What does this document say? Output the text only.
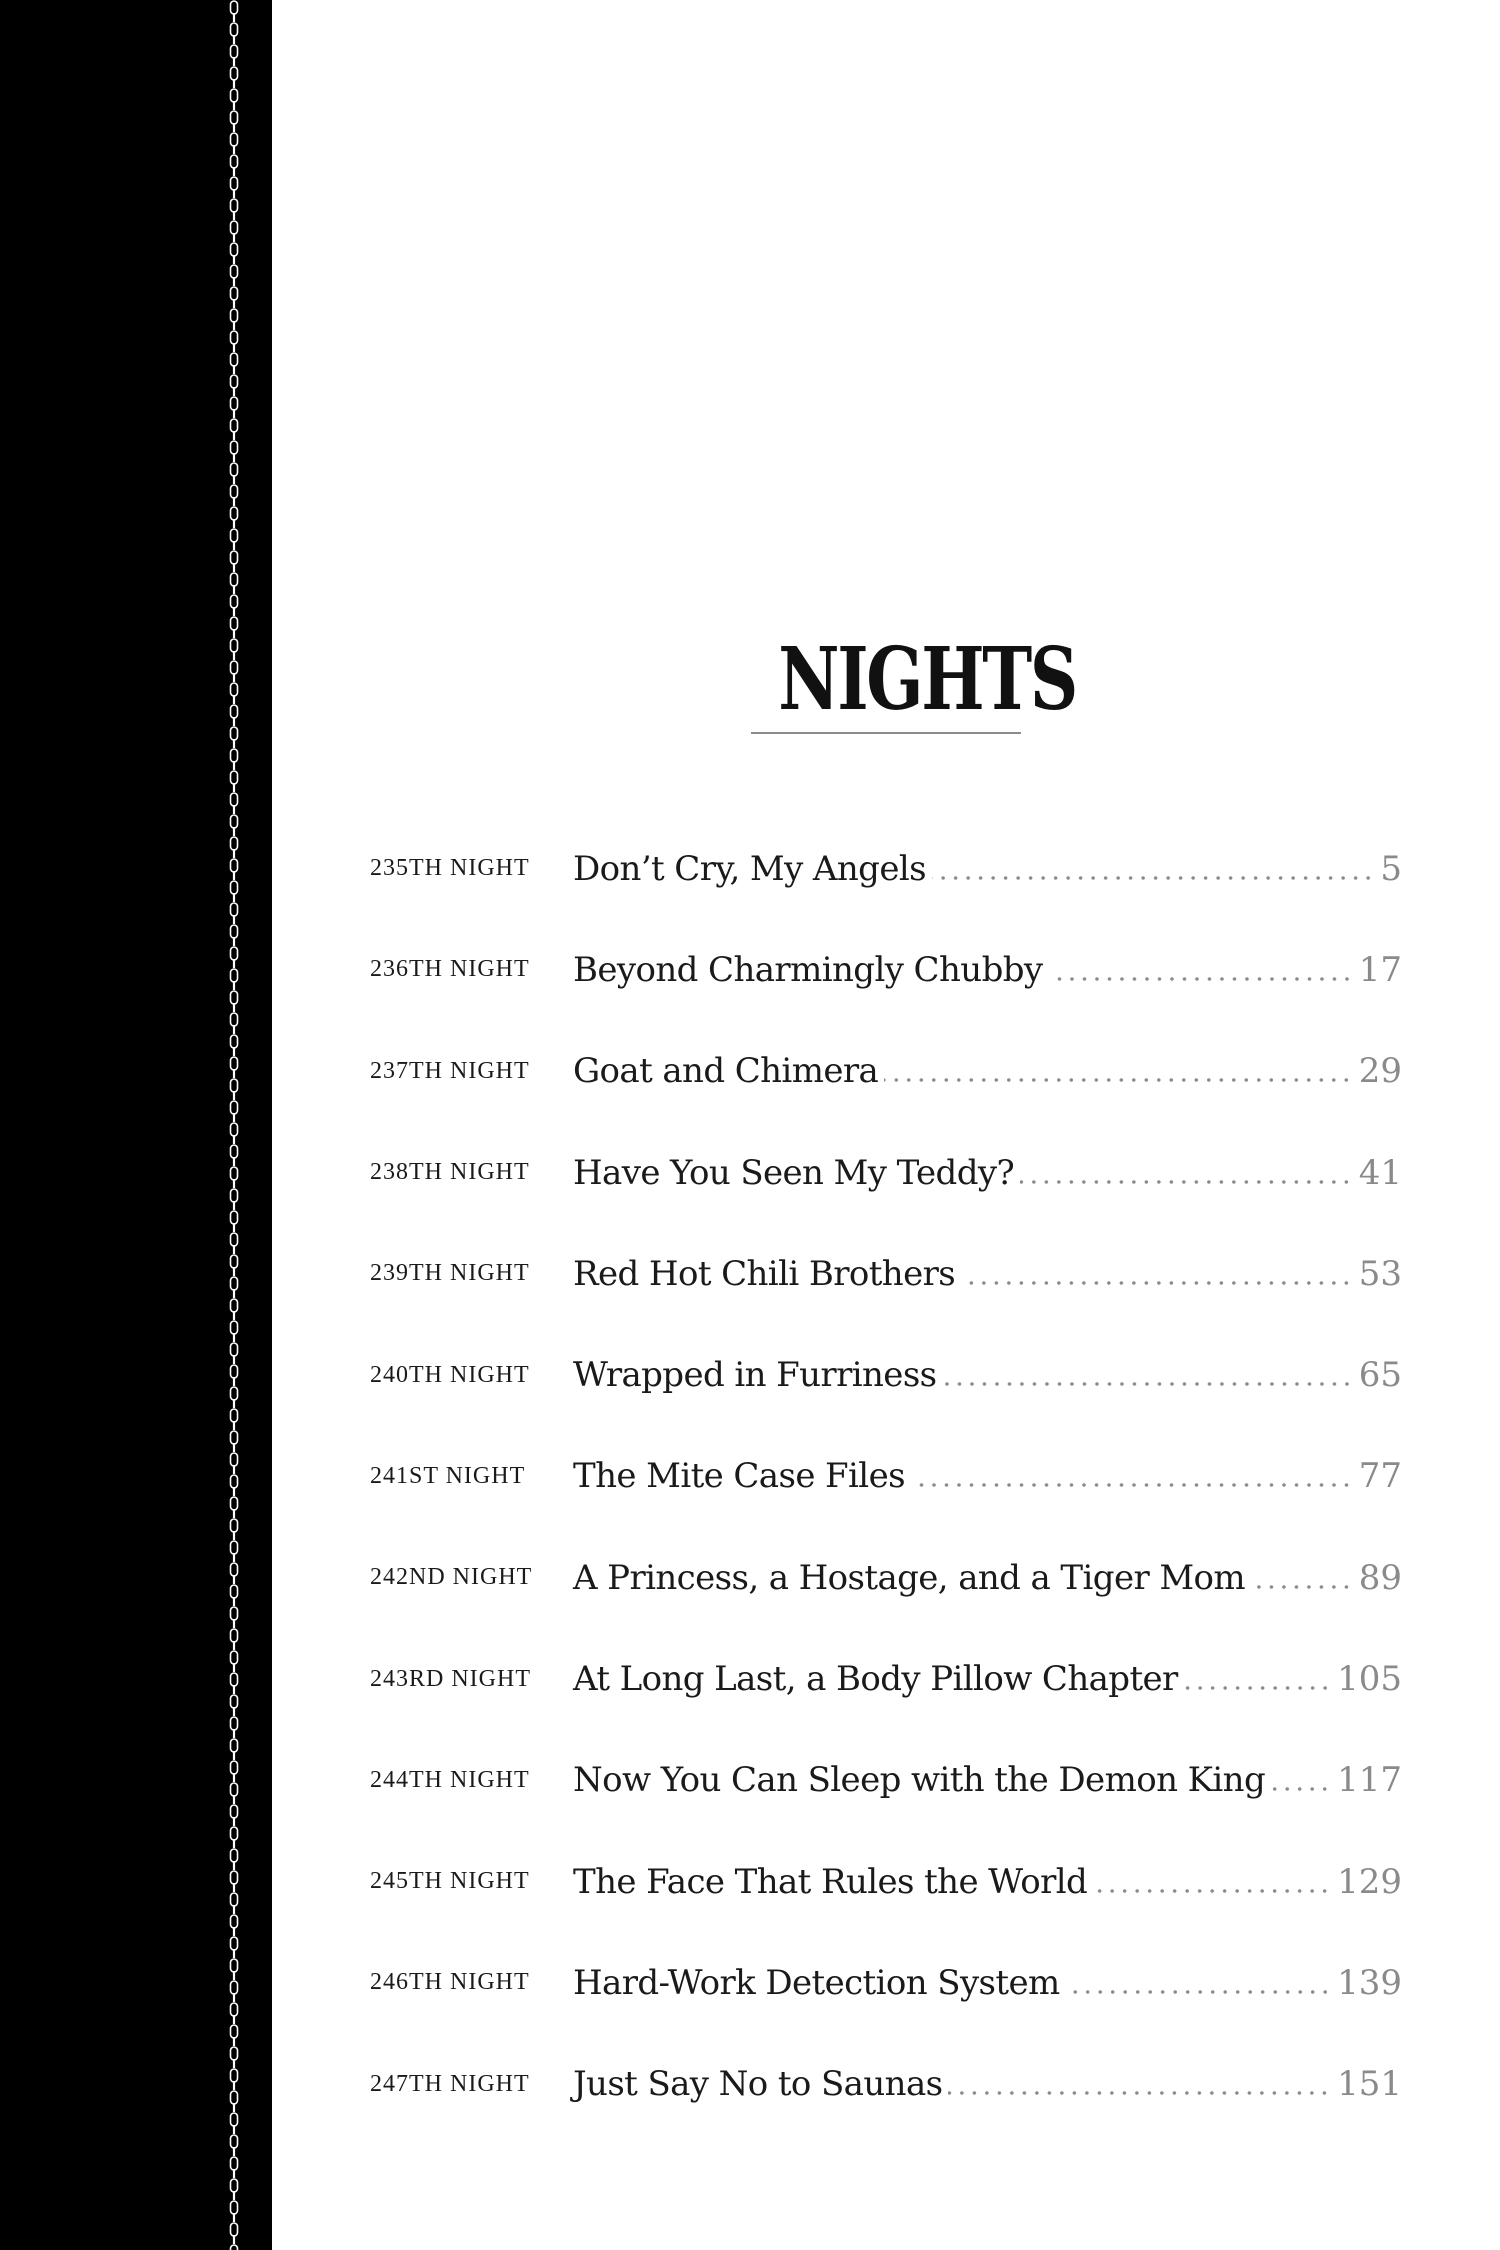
NIGHTS
235TH NIGHT	Don’t Cry, My Angels	5
236TH NIGHT	Beyond Charmingly Chubby	17
237TH NIGHT	Goat and Chimera	29
238TH NIGHT	Have You Seen My Teddy?	41
239TH NIGHT	Red Hot Chili Brothers	53
240TH NIGHT	Wrapped in Furriness	65
241ST NIGHT	The Mite Case Files	77
242ND NIGHT	A Princess, a Hostage, and a Tiger Mom	89
243RD NIGHT	At Long Last, a Body Pillow Chapter	105
244TH NIGHT	Now You Can Sleep with the Demon King 117
245TH NIGHT	The Face That Rules the World	129
246TH NIGHT	Hard-Work Detection System	139
247TH NIGHT	Just Say No to Saunas	151
